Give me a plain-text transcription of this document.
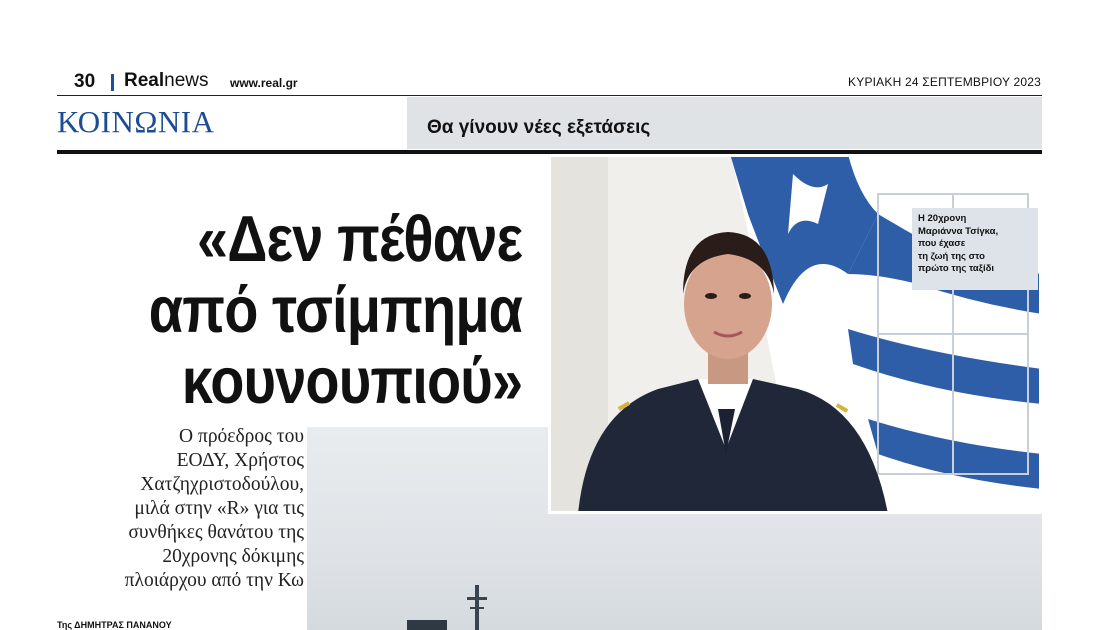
30 Realnews www.real.gr	ΚΥΡΙΑΚΗ 24 ΣΕΠΤΕΜΒΡΙΟΥ 2023
ΚΟΙΝΩΝΙΑ	Θα γίνουν νέες εξετάσεις
«Δεν πέθανε
από τσίμπημα
κουνουπιού»
Ο πρόεδρος του
ΕΟΔΥ, Χρήστος
Χατζηχριστοδούλου,
μιλά στην «R» για τις
συνθήκες θανάτου της
20χρονης δόκιμης
πλοιάρχου από την Κω
Της ΔΗΜΗΤΡΑΣ ΠΑΝΑΝΟΥ
Η 20χρονη
Μαριάννα Τσίγκα,
που έχασε
τη ζωή της στο
πρώτο της ταξίδι
